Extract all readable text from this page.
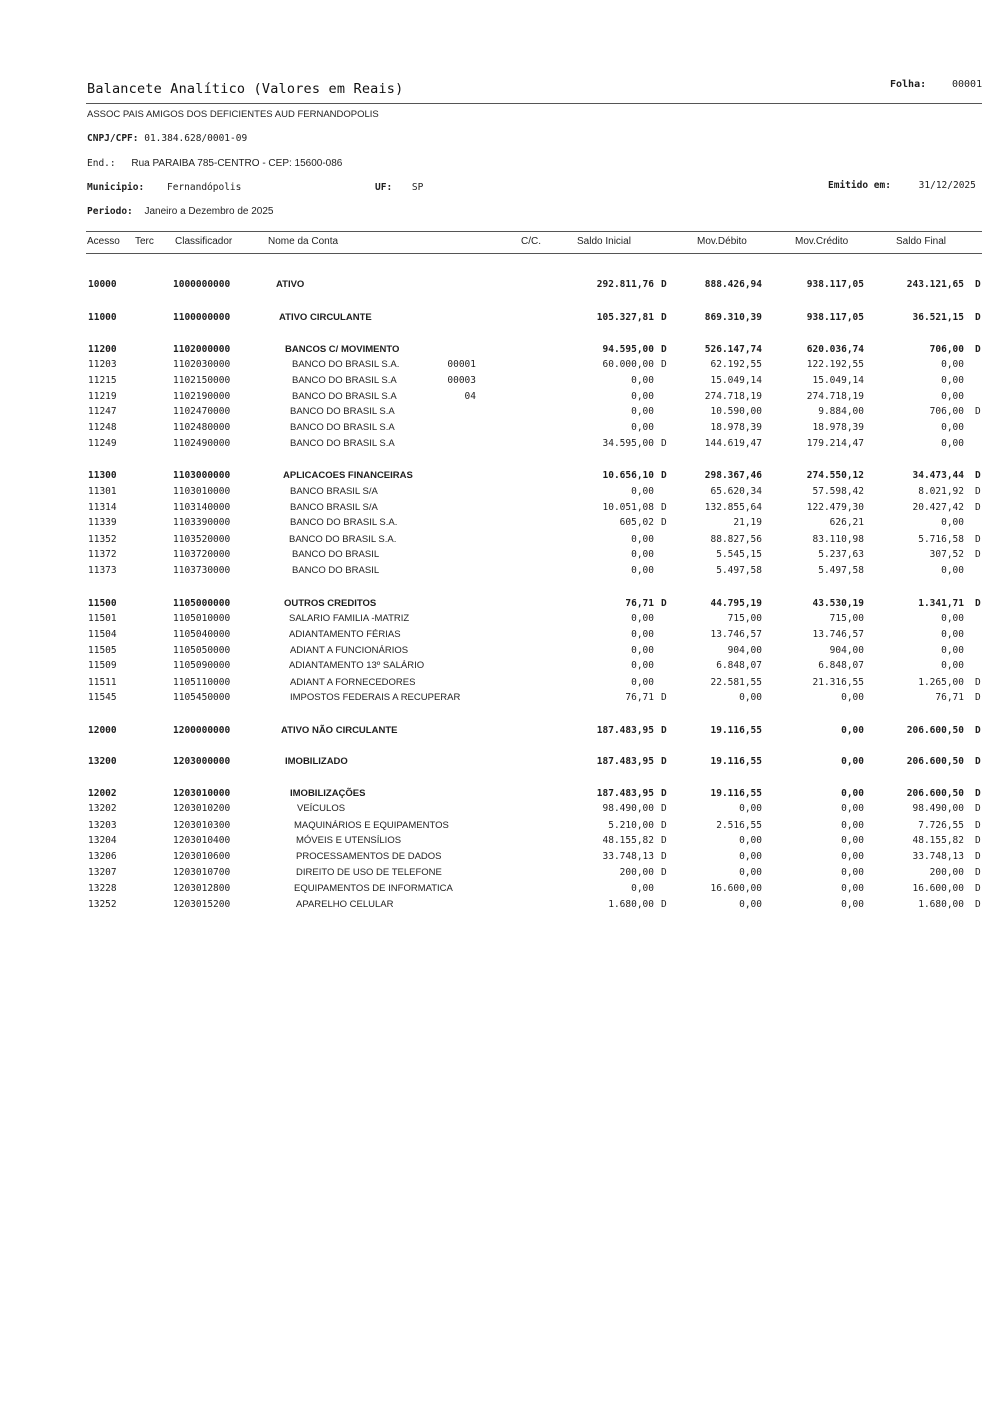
Balancete Analítico (Valores em Reais)	Folha:	00001
ASSOC PAIS AMIGOS DOS DEFICIENTES AUD FERNANDOPOLIS
CNPJ/CPF: 01.384.628/0001-09
End.: Rua PARAIBA 785-CENTRO - CEP: 15600-086
Municipio: Fernandópolis	UF: SP	Emitido em:	31/12/2025
Periodo: Janeiro a Dezembro de 2025
Acesso Terc Classificador	Nome da Conta	C/C.	Saldo Inicial	Mov.Débito	Mov.Crédito	Saldo Final
10000	1000000000	ATIVO	292.811,76 D	888.426,94	938.117,05	243.121,65 D
11000	1100000000	ATIVO CIRCULANTE	105.327,81 D	869.310,39	938.117,05	36.521,15 D
11200	1102000000	BANCOS C/ MOVIMENTO	94.595,00 D	526.147,74	620.036,74	706,00 D
11203	1102030000	BANCO DO BRASIL S.A.	00001	60.000,00 D	62.192,55	122.192,55	0,00
11215	1102150000	BANCO DO BRASIL S.A	00003	0,00	15.049,14	15.049,14	0,00
11219	1102190000	BANCO DO BRASIL S.A	04	0,00	274.718,19	274.718,19	0,00
11247	1102470000	BANCO DO BRASIL S.A	0,00	10.590,00	9.884,00	706,00 D
11248	1102480000	BANCO DO BRASIL S.A	0,00	18.978,39	18.978,39	0,00
11249	1102490000	BANCO DO BRASIL S.A	34.595,00 D	144.619,47	179.214,47	0,00
11300	1103000000	APLICACOES FINANCEIRAS	10.656,10 D	298.367,46	274.550,12	34.473,44 D
11301	1103010000	BANCO BRASIL S/A	0,00	65.620,34	57.598,42	8.021,92 D
11314	1103140000	BANCO BRASIL S/A	10.051,08 D	132.855,64	122.479,30	20.427,42 D
11339	1103390000	BANCO DO BRASIL S.A.	605,02 D	21,19	626,21	0,00
11352	1103520000	BANCO DO BRASIL S.A.	0,00	88.827,56	83.110,98	5.716,58 D
11372	1103720000	BANCO DO BRASIL	0,00	5.545,15	5.237,63	307,52 D
11373	1103730000	BANCO DO BRASIL	0,00	5.497,58	5.497,58	0,00
11500	1105000000	OUTROS CREDITOS	76,71 D	44.795,19	43.530,19	1.341,71 D
11501	1105010000	SALARIO FAMILIA -MATRIZ	0,00	715,00	715,00	0,00
11504	1105040000	ADIANTAMENTO FÉRIAS	0,00	13.746,57	13.746,57	0,00
11505	1105050000	ADIANT A FUNCIONÁRIOS	0,00	904,00	904,00	0,00
11509	1105090000	ADIANTAMENTO 13º SALÁRIO	0,00	6.848,07	6.848,07	0,00
11511	1105110000	ADIANT A FORNECEDORES	0,00	22.581,55	21.316,55	1.265,00 D
11545	1105450000	IMPOSTOS FEDERAIS A RECUPERAR	76,71 D	0,00	0,00	76,71 D
12000	1200000000	ATIVO NÃO CIRCULANTE	187.483,95 D	19.116,55	0,00	206.600,50 D
13200	1203000000	IMOBILIZADO	187.483,95 D	19.116,55	0,00	206.600,50 D
12002	1203010000	IMOBILIZAÇÕES	187.483,95 D	19.116,55	0,00	206.600,50 D
13202	1203010200	VEÍCULOS	98.490,00 D	0,00	0,00	98.490,00 D
13203	1203010300	MAQUINÁRIOS E EQUIPAMENTOS	5.210,00 D	2.516,55	0,00	7.726,55 D
13204	1203010400	MÓVEIS E UTENSÍLIOS	48.155,82 D	0,00	0,00	48.155,82 D
13206	1203010600	PROCESSAMENTOS DE DADOS	33.748,13 D	0,00	0,00	33.748,13 D
13207	1203010700	DIREITO DE USO DE TELEFONE	200,00 D	0,00	0,00	200,00 D
13228	1203012800	EQUIPAMENTOS DE INFORMATICA	0,00	16.600,00	0,00	16.600,00 D
13252	1203015200	APARELHO CELULAR	1.680,00 D	0,00	0,00	1.680,00 D
